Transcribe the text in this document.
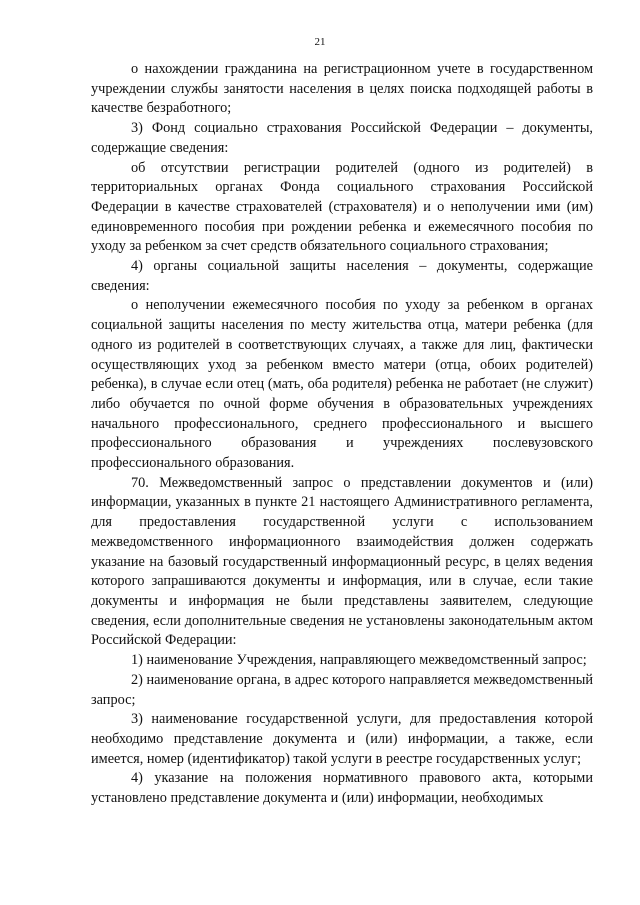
21

о нахождении гражданина на регистрационном учете в государственном учреждении службы занятости населения в целях поиска подходящей работы в качестве безработного;

3) Фонд социально страхования Российской Федерации – документы, содержащие сведения:

об отсутствии регистрации родителей (одного из родителей) в территориальных органах Фонда социального страхования Российской Федерации в качестве страхователей (страхователя) и о неполучении ими (им) единовременного пособия при рождении ребенка и ежемесячного пособия по уходу за ребенком за счет средств обязательного социального страхования;

4) органы социальной защиты населения – документы, содержащие сведения:

о неполучении ежемесячного пособия по уходу за ребенком в органах социальной защиты населения по месту жительства отца, матери ребенка (для одного из родителей в соответствующих случаях, а также для лиц, фактически осуществляющих уход за ребенком вместо матери (отца, обоих родителей) ребенка), в случае если отец (мать, оба родителя) ребенка не работает (не служит) либо обучается по очной форме обучения в образовательных учреждениях начального профессионального, среднего профессионального и высшего профессионального образования и учреждениях послевузовского профессионального образования.

70. Межведомственный запрос о представлении документов и (или) информации, указанных в пункте 21 настоящего Административного регламента, для предоставления государственной услуги с использованием межведомственного информационного взаимодействия должен содержать указание на базовый государственный информационный ресурс, в целях ведения которого запрашиваются документы и информация, или в случае, если такие документы и информация не были представлены заявителем, следующие сведения, если дополнительные сведения не установлены законодательным актом Российской Федерации:

1) наименование Учреждения, направляющего межведомственный запрос;

2) наименование органа, в адрес которого направляется межведомственный запрос;

3) наименование государственной услуги, для предоставления которой необходимо представление документа и (или) информации, а также, если имеется, номер (идентификатор) такой услуги в реестре государственных услуг;

4) указание на положения нормативного правового акта, которыми установлено представление документа и (или) информации, необходимых
